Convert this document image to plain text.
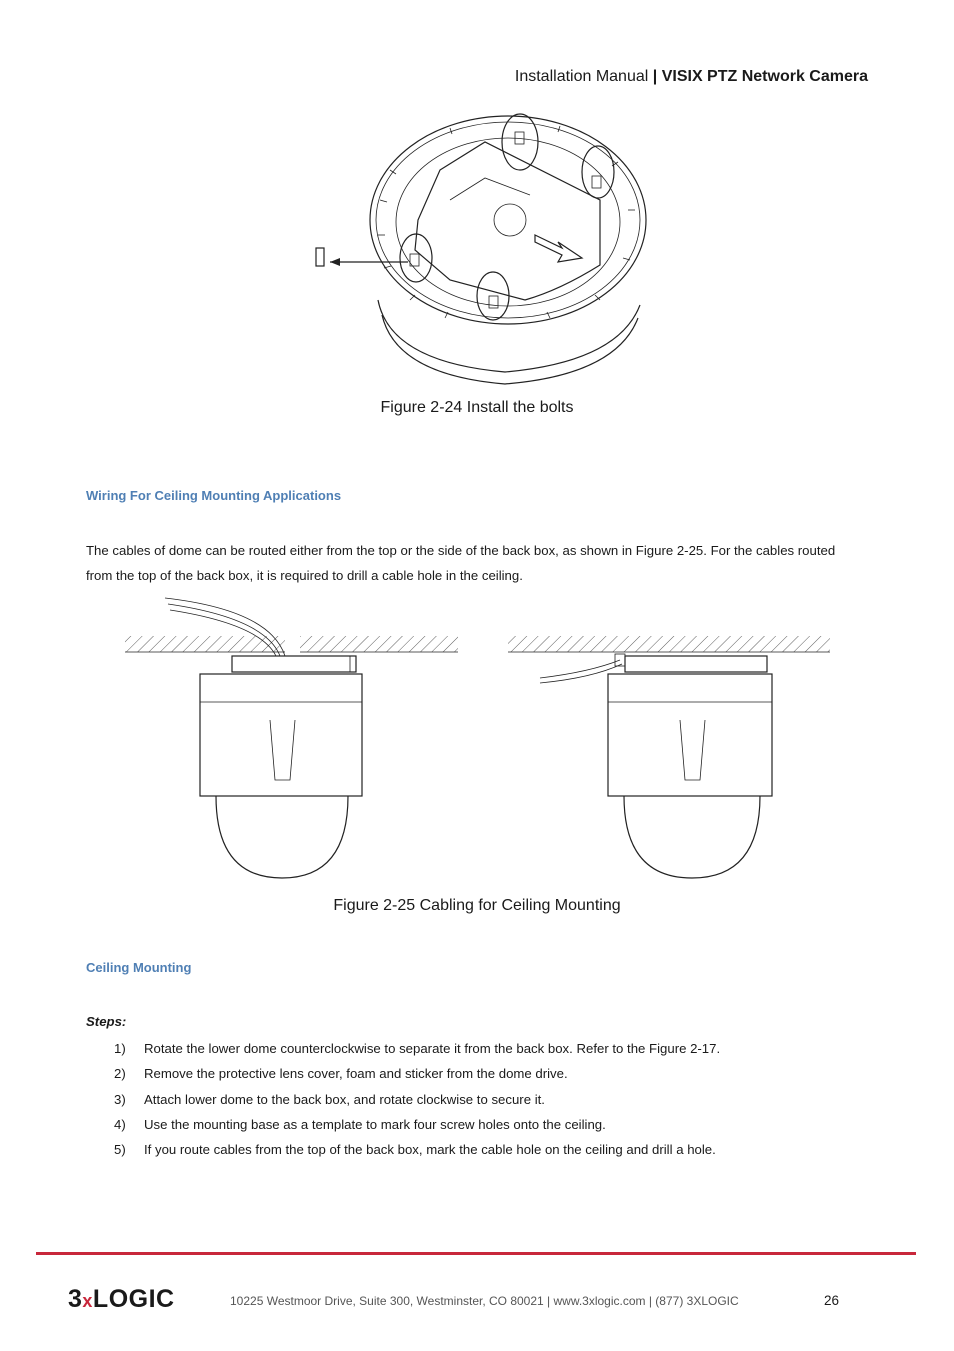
Installation Manual | VISIX PTZ Network Camera
Figure 2-24 Install the bolts
Wiring For Ceiling Mounting Applications
The cables of dome can be routed either from the top or the side of the back box, as shown in Figure 2-25. For the cables routed from the top of the back box, it is required to drill a cable hole in the ceiling.
Figure 2-25 Cabling for Ceiling Mounting
Ceiling Mounting
Steps:
1)	Rotate the lower dome counterclockwise to separate it from the back box. Refer to the Figure 2-17.
2)	Remove the protective lens cover, foam and sticker from the dome drive.
3)	Attach lower dome to the back box, and rotate clockwise to secure it.
4)	Use the mounting base as a template to mark four screw holes onto the ceiling.
5)	If you route cables from the top of the back box, mark the cable hole on the ceiling and drill a hole.
3xLOGIC	10225 Westmoor Drive, Suite 300, Westminster, CO 80021 | www.3xlogic.com | (877) 3XLOGIC	26
